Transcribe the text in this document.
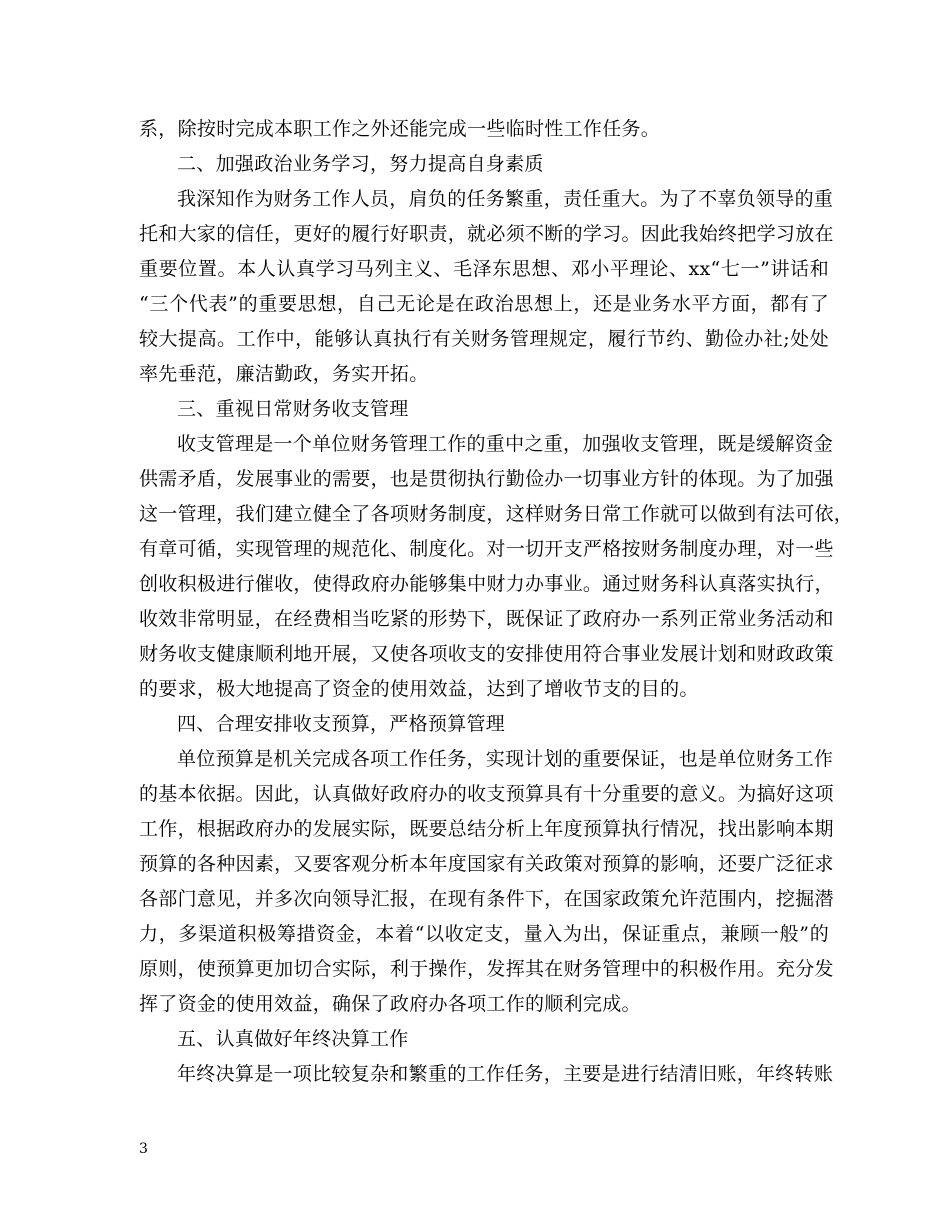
系，除按时完成本职工作之外还能完成一些临时性工作任务。
二、加强政治业务学习，努力提高自身素质
我深知作为财务工作人员，肩负的任务繁重，责任重大。为了不辜负领导的重
托和大家的信任，更好的履行好职责，就必须不断的学习。因此我始终把学习放在
重要位置。本人认真学习马列主义、毛泽东思想、邓小平理论、xx“七一”讲话和
“三个代表”的重要思想，自己无论是在政治思想上，还是业务水平方面，都有了
较大提高。工作中，能够认真执行有关财务管理规定，履行节约、勤俭办社;处处
率先垂范，廉洁勤政，务实开拓。
三、重视日常财务收支管理
收支管理是一个单位财务管理工作的重中之重，加强收支管理，既是缓解资金
供需矛盾，发展事业的需要，也是贯彻执行勤俭办一切事业方针的体现。为了加强
这一管理，我们建立健全了各项财务制度，这样财务日常工作就可以做到有法可依，
有章可循，实现管理的规范化、制度化。对一切开支严格按财务制度办理，对一些
创收积极进行催收，使得政府办能够集中财力办事业。通过财务科认真落实执行，
收效非常明显，在经费相当吃紧的形势下，既保证了政府办一系列正常业务活动和
财务收支健康顺利地开展，又使各项收支的安排使用符合事业发展计划和财政政策
的要求，极大地提高了资金的使用效益，达到了增收节支的目的。
四、合理安排收支预算，严格预算管理
单位预算是机关完成各项工作任务，实现计划的重要保证，也是单位财务工作
的基本依据。因此，认真做好政府办的收支预算具有十分重要的意义。为搞好这项
工作，根据政府办的发展实际，既要总结分析上年度预算执行情况，找出影响本期
预算的各种因素，又要客观分析本年度国家有关政策对预算的影响，还要广泛征求
各部门意见，并多次向领导汇报，在现有条件下，在国家政策允许范围内，挖掘潜
力，多渠道积极筹措资金，本着“以收定支，量入为出，保证重点，兼顾一般”的
原则，使预算更加切合实际，利于操作，发挥其在财务管理中的积极作用。充分发
挥了资金的使用效益，确保了政府办各项工作的顺利完成。
五、认真做好年终决算工作
年终决算是一项比较复杂和繁重的工作任务，主要是进行结清旧账，年终转账
3
